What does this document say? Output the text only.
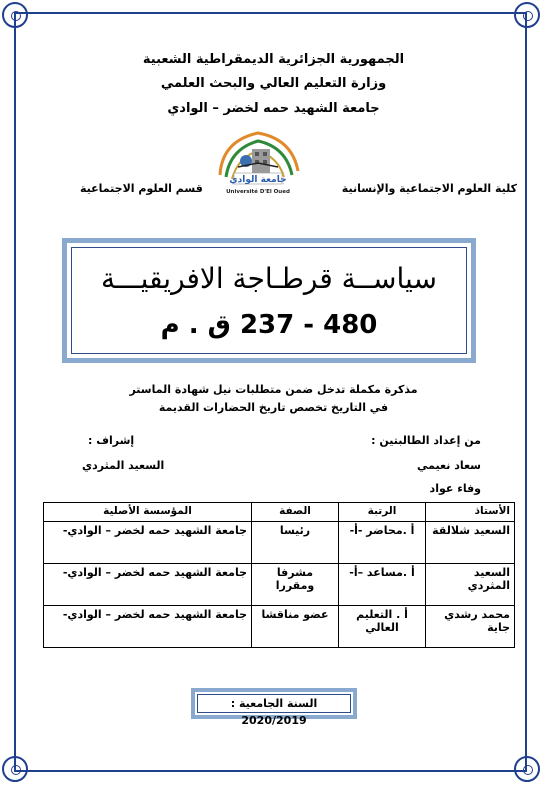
الجمهورية الجزائرية الديمقراطية الشعبية
وزارة التعليم العالي والبحث العلمي
جامعة الشهيد حمه لخضر – الوادي
كلية العلوم الاجتماعية والإنسانية
قسم العلوم الاجتماعية
جامعة الوادي
Université D'El Oued
سياســة قرطـاجة الافريقيـــة
480 - 237 ق . م
مذكرة مكملة تدخل ضمن متطلبات نيل شهادة الماستر
في التاريخ تخصص تاريخ الحضارات القديمة
من إعداد الطالبتين :
سعاد نعيمي
وفاء عواد
إشراف :
السعيد المثردي
الأستاذ	الرتبة	الصفة	المؤسسة الأصلية
السعيد شلالقة	أ .محاضر -أ-	رئيسا	جامعة الشهيد حمه لخضر – الوادي-
السعيد المثردي	أ .مساعد –أ-	مشرفا ومقررا	جامعة الشهيد حمه لخضر – الوادي-
محمد رشدي جاية	أ . التعليم العالي	عضو مناقشا	جامعة الشهيد حمه لخضر – الوادي-
السنة الجامعية : 2020/2019
